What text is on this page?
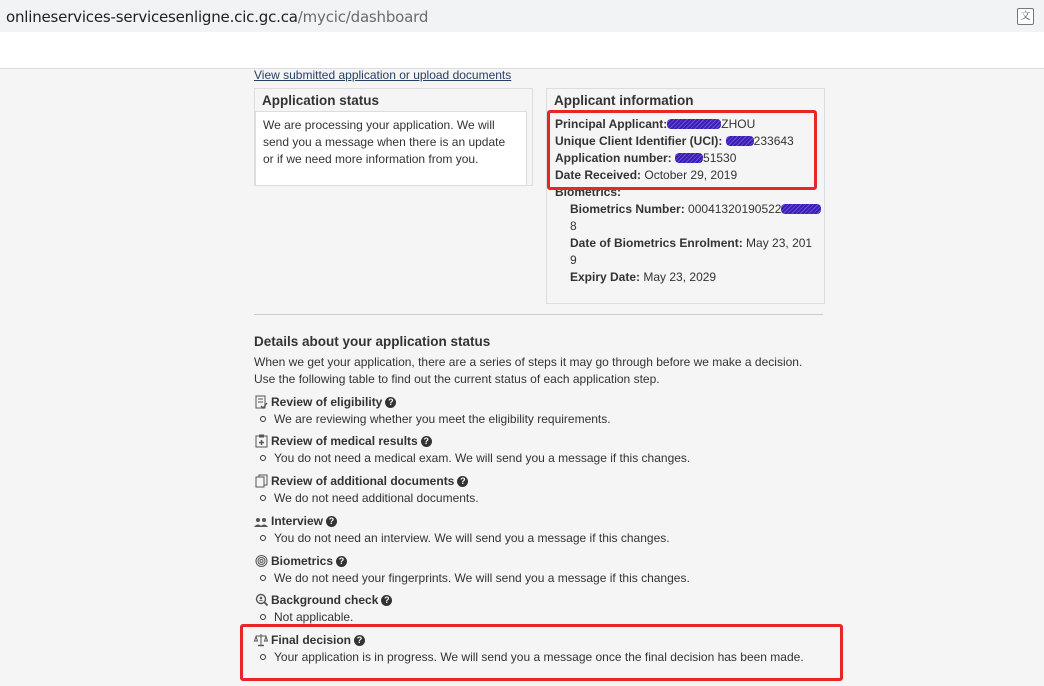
onlineservices-servicesenligne.cic.gc.ca/mycic/dashboard	文
View submitted application or upload documents
Application status
We are processing your application. We will send you a message when there is an update or if we need more information from you.
Applicant information
Principal Applicant:	ZHOU
Unique Client Identifier (UCI):	233643
Application number:	51530
Date Received: October 29, 2019
Biometrics:
Biometrics Number: 00041320190522
8
Date of Biometrics Enrolment: May 23, 201
9
Expiry Date: May 23, 2029
Details about your application status
When we get your application, there are a series of steps it may go through before we make a decision.
Use the following table to find out the current status of each application step.
Review of eligibility ?
We are reviewing whether you meet the eligibility requirements.
Review of medical results ?
You do not need a medical exam. We will send you a message if this changes.
Review of additional documents ?
We do not need additional documents.
Interview ?
You do not need an interview. We will send you a message if this changes.
Biometrics ?
We do not need your fingerprints. We will send you a message if this changes.
Background check ?
Not applicable.
Final decision ?
Your application is in progress. We will send you a message once the final decision has been made.
